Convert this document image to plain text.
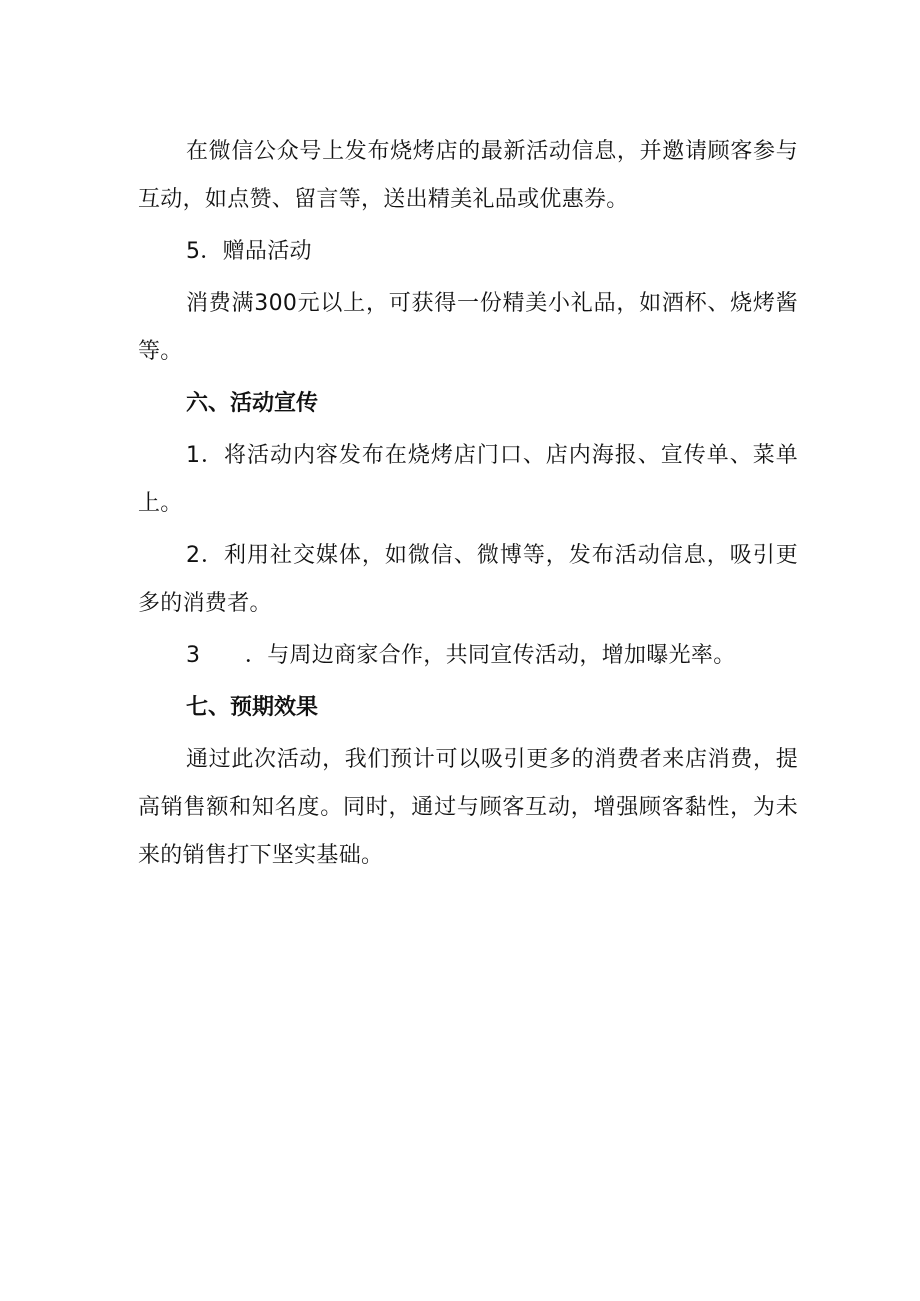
在微信公众号上发布烧烤店的最新活动信息，并邀请顾客参与互动，如点赞、留言等，送出精美礼品或优惠券。

5．赠品活动

消费满300元以上，可获得一份精美小礼品，如酒杯、烧烤酱等。

六、活动宣传

1．将活动内容发布在烧烤店门口、店内海报、宣传单、菜单上。

2．利用社交媒体，如微信、微博等，发布活动信息，吸引更多的消费者。

3　　．与周边商家合作，共同宣传活动，增加曝光率。

七、预期效果

通过此次活动，我们预计可以吸引更多的消费者来店消费，提高销售额和知名度。同时，通过与顾客互动，增强顾客黏性，为未来的销售打下坚实基础。
